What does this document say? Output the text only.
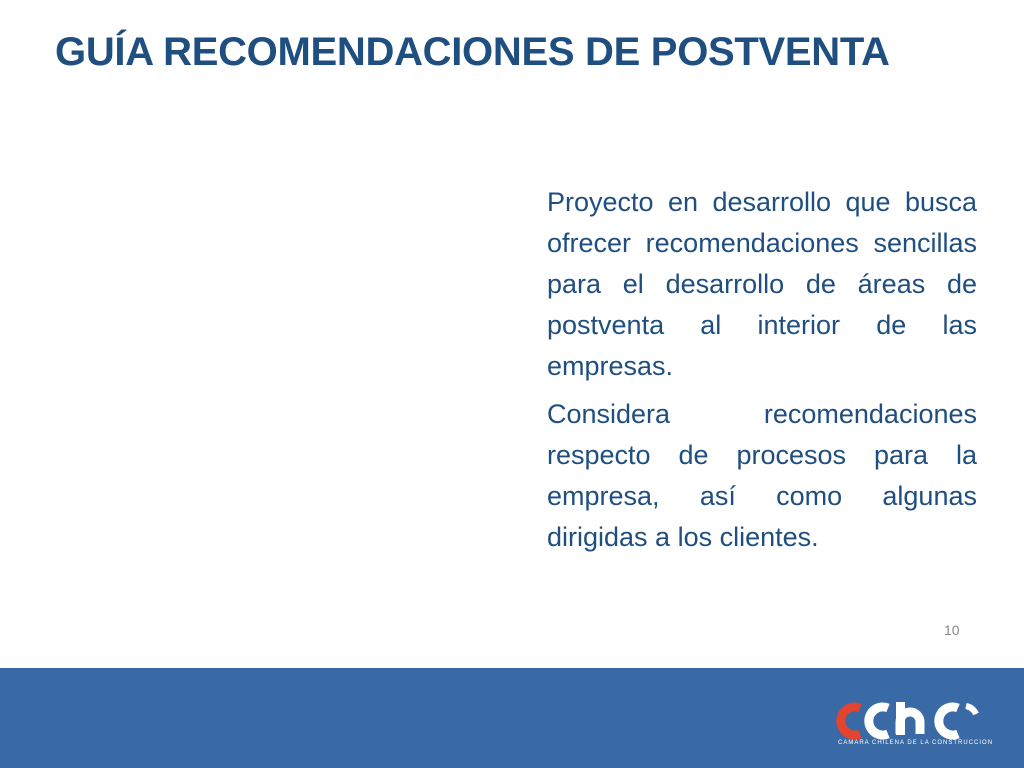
GUÍA RECOMENDACIONES DE POSTVENTA

Proyecto en desarrollo que busca ofrecer recomendaciones sencillas para el desarrollo de áreas de postventa al interior de las empresas.

Considera recomendaciones respecto de procesos para la empresa, así como algunas dirigidas a los clientes.

10
CAMARA CHILENA DE LA CONSTRUCCION
